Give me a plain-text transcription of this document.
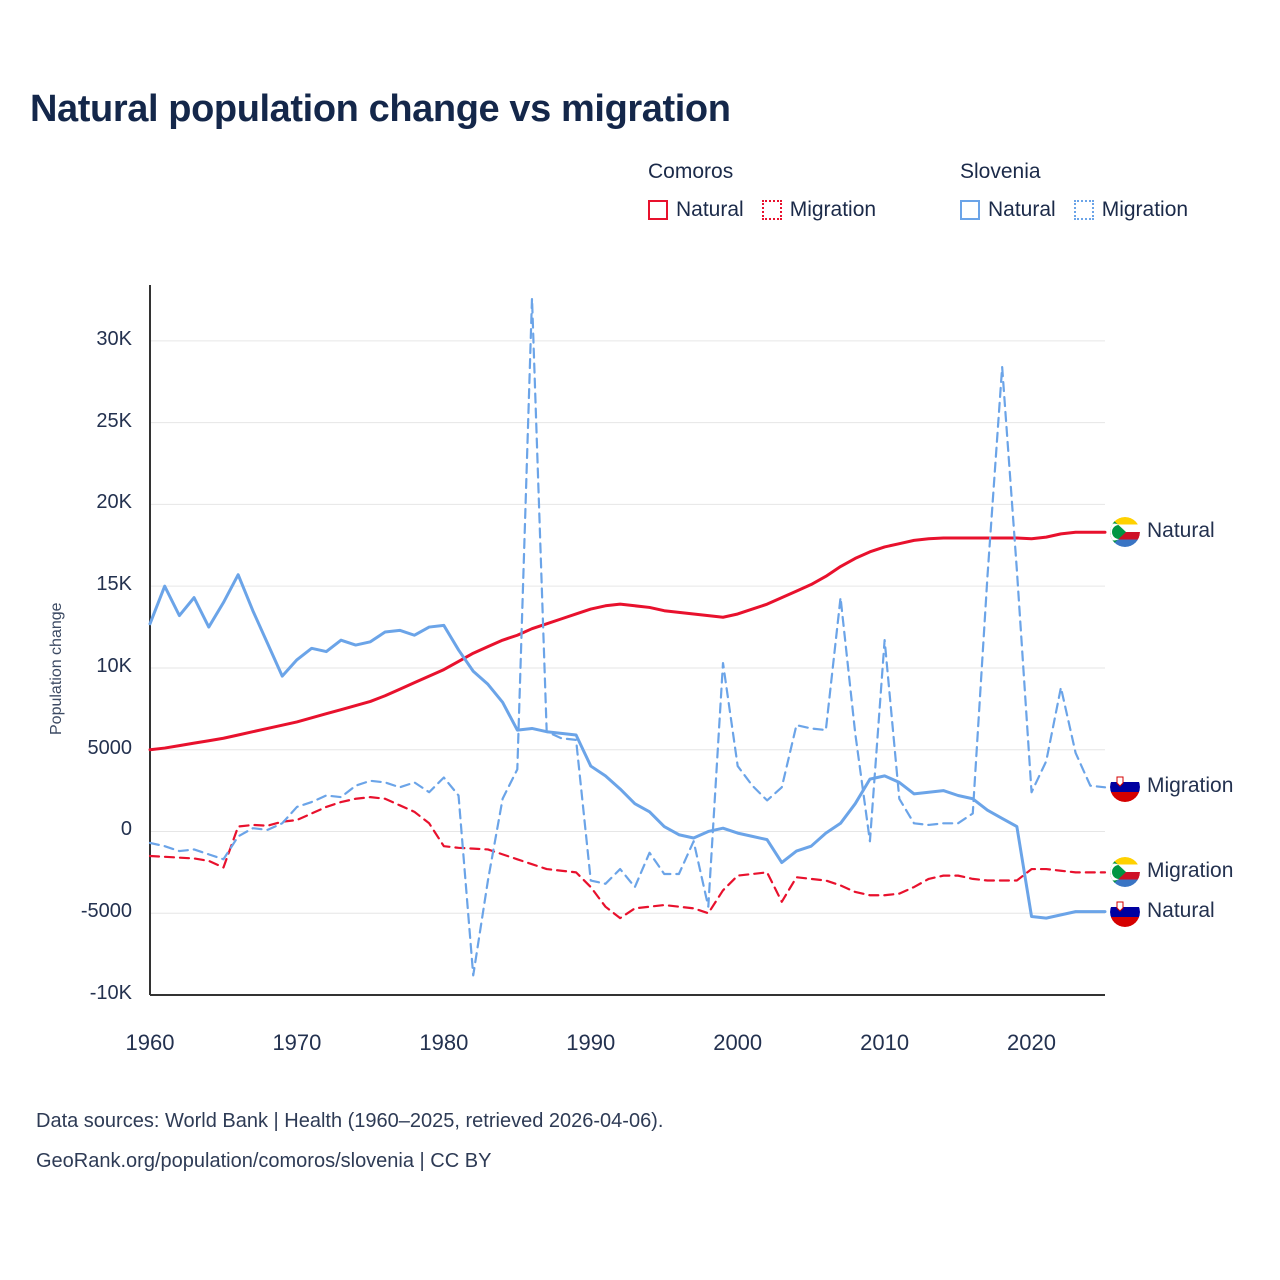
Natural population change vs migration
Comoros
Natural Migration
Slovenia
Natural Migration
Population change
-10K
-5000
0
5000
10K
15K
20K
25K
30K
1960	1970	1980	1990	2000	2010	2020
Natural
Migration
Migration
Natural
Data sources: World Bank | Health (1960–2025, retrieved 2026-04-06).
GeoRank.org/population/comoros/slovenia | CC BY
